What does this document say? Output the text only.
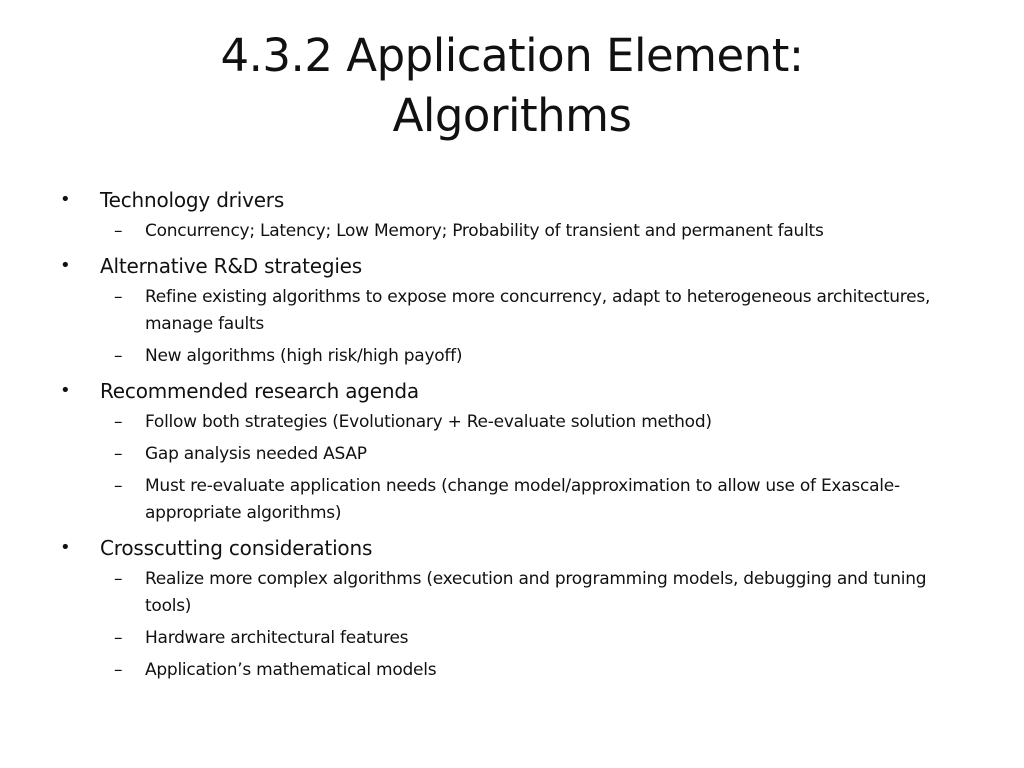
4.3.2 Application Element:
Algorithms
•	Technology drivers
–	Concurrency; Latency; Low Memory; Probability of transient and permanent faults
•	Alternative R&D strategies
–	Refine existing algorithms to expose more concurrency, adapt to heterogeneous architectures, manage faults
–	New algorithms (high risk/high payoff)
•	Recommended research agenda
–	Follow both strategies (Evolutionary + Re-evaluate solution method)
–	Gap analysis needed ASAP
–	Must re-evaluate application needs (change model/approximation to allow use of Exascale-appropriate algorithms)
•	Crosscutting considerations
–	Realize more complex algorithms (execution and programming models, debugging and tuning tools)
–	Hardware architectural features
–	Application’s mathematical models
